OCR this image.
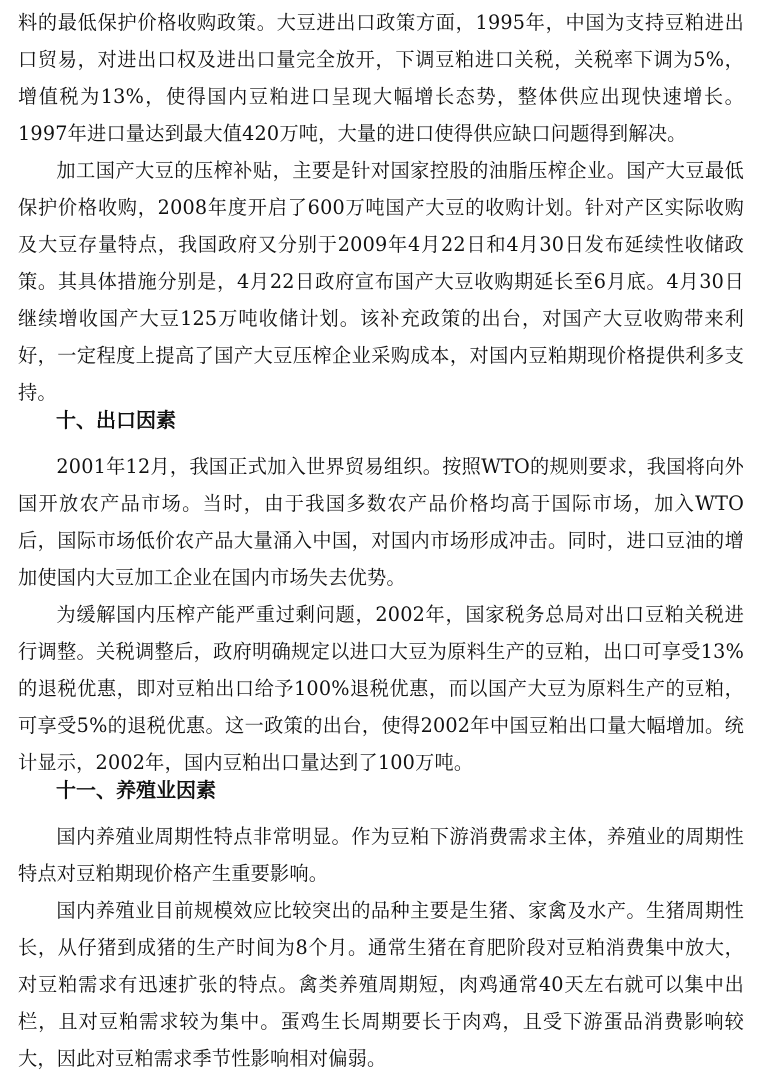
料的最低保护价格收购政策。大豆进出口政策方面，1995年，中国为支持豆粕进出口贸易，对进出口权及进出口量完全放开，下调豆粕进口关税，关税率下调为5%，增值税为13%，使得国内豆粕进口呈现大幅增长态势，整体供应出现快速增长。1997年进口量达到最大值420万吨，大量的进口使得供应缺口问题得到解决。

加工国产大豆的压榨补贴，主要是针对国家控股的油脂压榨企业。国产大豆最低保护价格收购，2008年度开启了600万吨国产大豆的收购计划。针对产区实际收购及大豆存量特点，我国政府又分别于2009年4月22日和4月30日发布延续性收储政策。其具体措施分别是，4月22日政府宣布国产大豆收购期延长至6月底。4月30日继续增收国产大豆125万吨收储计划。该补充政策的出台，对国产大豆收购带来利好，一定程度上提高了国产大豆压榨企业采购成本，对国内豆粕期现价格提供利多支持。

十、出口因素

2001年12月，我国正式加入世界贸易组织。按照WTO的规则要求，我国将向外国开放农产品市场。当时，由于我国多数农产品价格均高于国际市场，加入WTO后，国际市场低价农产品大量涌入中国，对国内市场形成冲击。同时，进口豆油的增加使国内大豆加工企业在国内市场失去优势。

为缓解国内压榨产能严重过剩问题，2002年，国家税务总局对出口豆粕关税进行调整。关税调整后，政府明确规定以进口大豆为原料生产的豆粕，出口可享受13%的退税优惠，即对豆粕出口给予100%退税优惠，而以国产大豆为原料生产的豆粕，可享受5%的退税优惠。这一政策的出台，使得2002年中国豆粕出口量大幅增加。统计显示，2002年，国内豆粕出口量达到了100万吨。

十一、养殖业因素

国内养殖业周期性特点非常明显。作为豆粕下游消费需求主体，养殖业的周期性特点对豆粕期现价格产生重要影响。

国内养殖业目前规模效应比较突出的品种主要是生猪、家禽及水产。生猪周期性长，从仔猪到成猪的生产时间为8个月。通常生猪在育肥阶段对豆粕消费集中放大，对豆粕需求有迅速扩张的特点。禽类养殖周期短，肉鸡通常40天左右就可以集中出栏，且对豆粕需求较为集中。蛋鸡生长周期要长于肉鸡，且受下游蛋品消费影响较大，因此对豆粕需求季节性影响相对偏弱。
